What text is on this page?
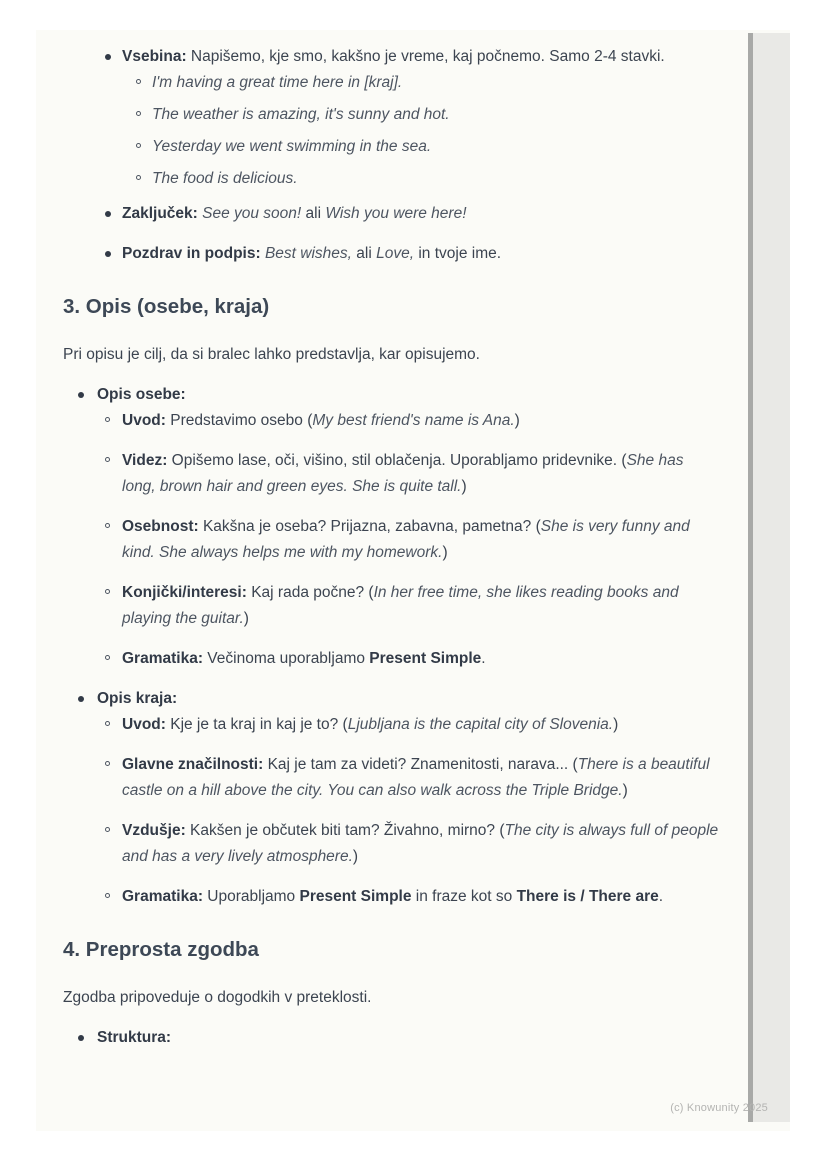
Vsebina: Napišemo, kje smo, kakšno je vreme, kaj počnemo. Samo 2-4 stavki.
I'm having a great time here in [kraj].
The weather is amazing, it's sunny and hot.
Yesterday we went swimming in the sea.
The food is delicious.
Zaključek: See you soon! ali Wish you were here!
Pozdrav in podpis: Best wishes, ali Love, in tvoje ime.
3. Opis (osebe, kraja)
Pri opisu je cilj, da si bralec lahko predstavlja, kar opisujemo.
Opis osebe:
Uvod: Predstavimo osebo (My best friend's name is Ana.)
Videz: Opišemo lase, oči, višino, stil oblačenja. Uporabljamo pridevnike. (She has long, brown hair and green eyes. She is quite tall.)
Osebnost: Kakšna je oseba? Prijazna, zabavna, pametna? (She is very funny and kind. She always helps me with my homework.)
Konjički/interesi: Kaj rada počne? (In her free time, she likes reading books and playing the guitar.)
Gramatika: Večinoma uporabljamo Present Simple.
Opis kraja:
Uvod: Kje je ta kraj in kaj je to? (Ljubljana is the capital city of Slovenia.)
Glavne značilnosti: Kaj je tam za videti? Znamenitosti, narava... (There is a beautiful castle on a hill above the city. You can also walk across the Triple Bridge.)
Vzdušje: Kakšen je občutek biti tam? Živahno, mirno? (The city is always full of people and has a very lively atmosphere.)
Gramatika: Uporabljamo Present Simple in fraze kot so There is / There are.
4. Preprosta zgodba
Zgodba pripoveduje o dogodkih v preteklosti.
Struktura:
(c) Knowunity 2025
